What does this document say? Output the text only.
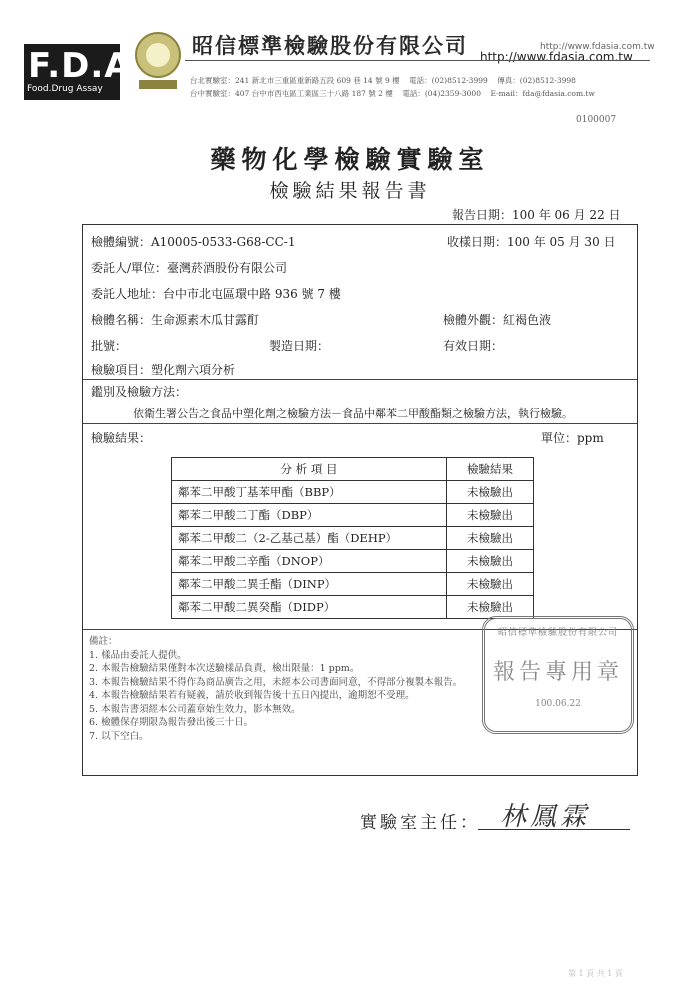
F.D.A
Food.Drug Assay
昭信標準檢驗股份有限公司	http://www.fdasia.com.tw
http://www.fdasia.com.tw
台北實驗室：241 新北市三重區重新路五段 609 巷 14 號 9 樓    電話：(02)8512-3999    傳真：(02)8512-3998
台中實驗室：407 台中市西屯區工業區三十八路 187 號 2 樓    電話：(04)2359-3000    E-mail：fda@fdasia.com.tw
0100007
藥物化學檢驗實驗室
檢驗結果報告書
報告日期：100 年 06 月 22 日
檢體編號：A10005-0533-G68-CC-1	收樣日期：100 年 05 月 30 日
委託人/單位：臺灣菸酒股份有限公司
委託人地址：台中市北屯區環中路 936 號 7 樓
檢體名稱：生命源素木瓜甘露酊	檢體外觀：紅褐色液
批號：	製造日期：	有效日期：
檢驗項目：塑化劑六項分析
鑑別及檢驗方法：
依衛生署公告之食品中塑化劑之檢驗方法－食品中鄰苯二甲酸酯類之檢驗方法，執行檢驗。
檢驗結果：	單位：ppm
分 析 項 目	檢驗結果
鄰苯二甲酸丁基苯甲酯（BBP）	未檢驗出
鄰苯二甲酸二丁酯（DBP）	未檢驗出
鄰苯二甲酸二（2-乙基己基）酯（DEHP）	未檢驗出
鄰苯二甲酸二辛酯（DNOP）	未檢驗出
鄰苯二甲酸二異壬酯（DINP）	未檢驗出
鄰苯二甲酸二異癸酯（DIDP）	未檢驗出
備註：
1. 樣品由委託人提供。
2. 本報告檢驗結果僅對本次送驗樣品負責，檢出限量：1 ppm。
3. 本報告檢驗結果不得作為商品廣告之用，未經本公司書面同意，不得部分複製本報告。
4. 本報告檢驗結果若有疑義，請於收到報告後十五日內提出，逾期恕不受理。
5. 本報告書須經本公司蓋章始生效力，影本無效。
6. 檢體保存期限為報告發出後三十日。
7. 以下空白。
昭信標準檢驗股份有限公司
報告專用章
100.06.22
實驗室主任： 林鳳霖
第 1 頁 共 1 頁
